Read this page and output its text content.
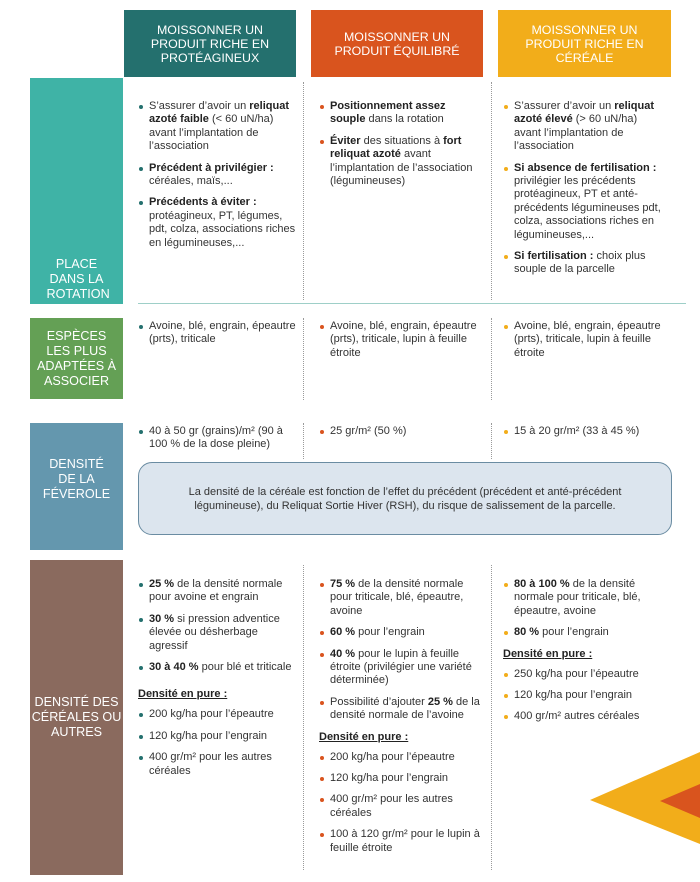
MOISSONNER UN PRODUIT RICHE EN PROTÉAGINEUX
MOISSONNER UN PRODUIT ÉQUILIBRÉ
MOISSONNER UN PRODUIT RICHE EN CÉRÉALE
PLACE DANS LA ROTATION
ESPÈCES LES PLUS ADAPTÉES À ASSOCIER
DENSITÉ DE LA FÉVEROLE
DENSITÉ DES CÉRÉALES OU AUTRES
S’assurer d’avoir un reliquat azoté faible (< 60 uN/ha) avant l’implantation de l’association
Précédent à privilégier : céréales, maïs,...
Précédents à éviter : protéagineux, PT, légumes, pdt, colza, associations riches en légumineuses,...
Positionnement assez souple dans la rotation
Éviter des situations à fort reliquat azoté avant l’implantation de l’association (légumineuses)
S’assurer d’avoir un reliquat azoté élevé (> 60 uN/ha) avant l’implantation de l’association
Si absence de fertilisation : privilégier les précédents protéagineux, PT et anté-précédents légumineuses pdt, colza, associations riches en légumineuses,...
Si fertilisation : choix plus souple de la parcelle
Avoine, blé, engrain, épeautre (prts), triticale
Avoine, blé, engrain, épeautre (prts), triticale, lupin à feuille étroite
Avoine, blé, engrain, épeautre (prts), triticale, lupin à feuille étroite
40 à 50 gr (grains)/m² (90 à 100 % de la dose pleine)
25 gr/m² (50 %)	15 à 20 gr/m² (33 à 45 %)
La densité de la céréale est fonction de l’effet du précédent (précédent et anté-précédent légumineuse), du Reliquat Sortie Hiver (RSH), du risque de salissement de la parcelle.
25 % de la densité normale pour avoine et engrain
30 % si pression adventice élevée ou désherbage agressif
30 à 40 % pour blé et triticale
Densité en pure :
200 kg/ha pour l’épeautre
120 kg/ha pour l’engrain
400 gr/m² pour les autres céréales
75 % de la densité normale pour triticale, blé, épeautre, avoine
60 % pour l’engrain
40 % pour le lupin à feuille étroite (privilégier une variété déterminée)
Possibilité d’ajouter 25 % de la densité normale de l’avoine
Densité en pure :
200 kg/ha pour l’épeautre
120 kg/ha pour l’engrain
400 gr/m² pour les autres céréales
100 à 120 gr/m² pour le lupin à feuille étroite
80 à 100 % de la densité normale pour triticale, blé, épeautre, avoine
80 % pour l’engrain
Densité en pure :
250 kg/ha pour l’épeautre
120 kg/ha pour l’engrain
400 gr/m² autres céréales
